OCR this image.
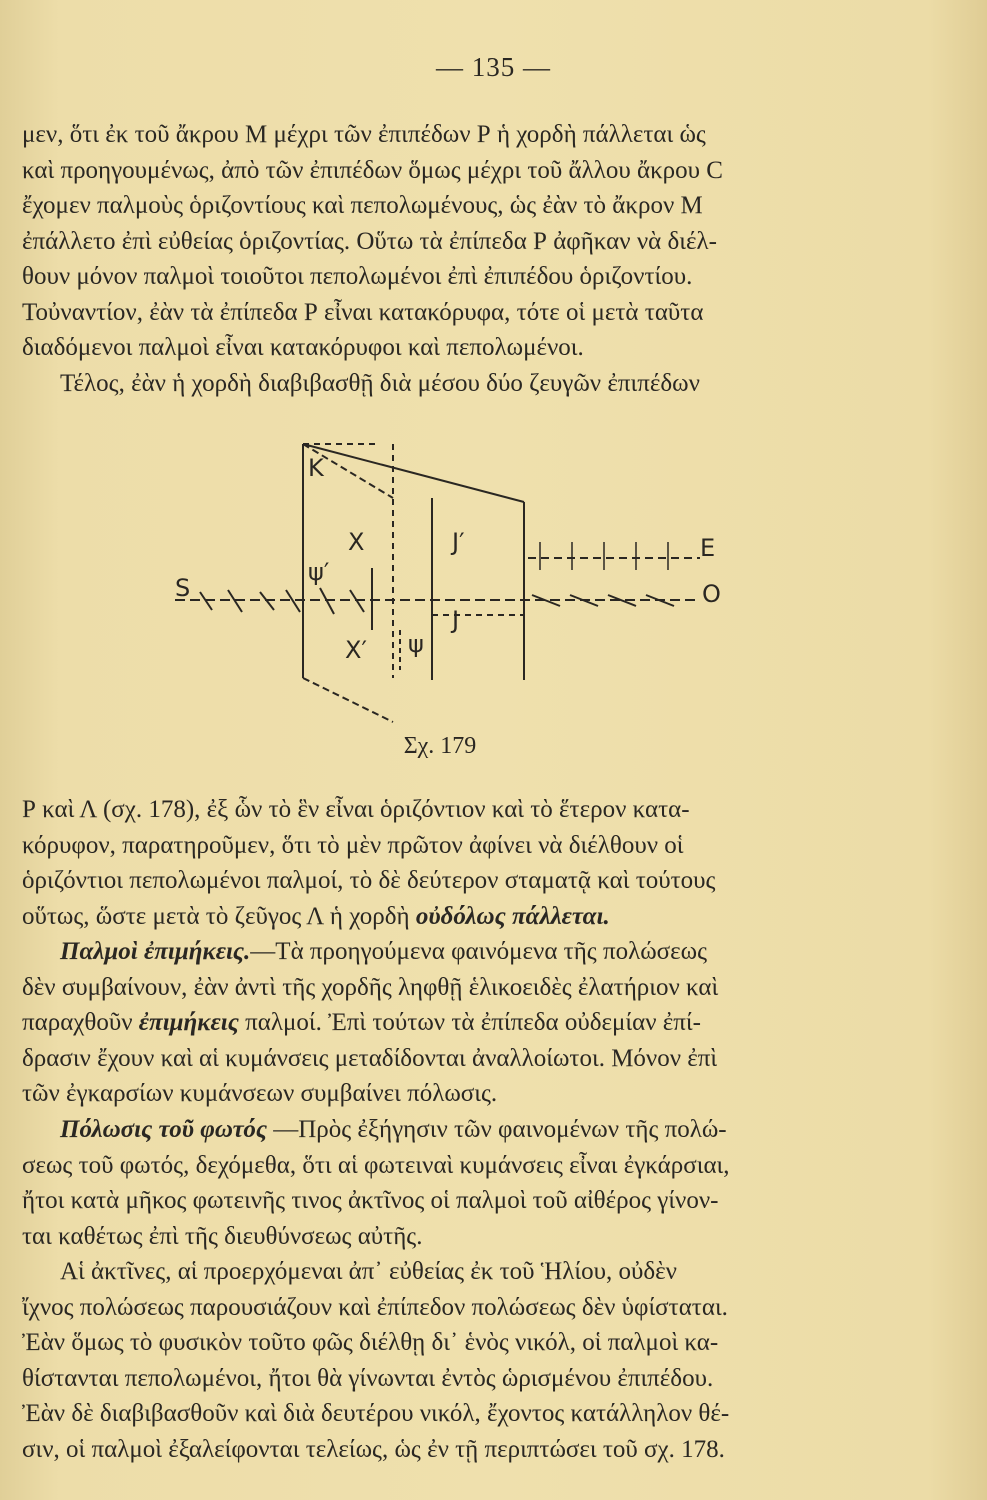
— 135 —
μεν, ὅτι ἐκ τοῦ ἄκρου Μ μέχρι τῶν ἐπιπέδων Ρ ἡ χορδὴ πάλλεται ὡς
καὶ προηγουμένως, ἀπὸ τῶν ἐπιπέδων ὅμως μέχρι τοῦ ἄλλου ἄκρου C
ἔχομεν παλμοὺς ὁριζοντίους καὶ πεπολωμένους, ὡς ἐὰν τὸ ἄκρον Μ
ἐπάλλετο ἐπὶ εὐθείας ὁριζοντίας. Οὕτω τὰ ἐπίπεδα Ρ ἀφῆκαν νὰ διέλ-
θουν μόνον παλμοὶ τοιοῦτοι πεπολωμένοι ἐπὶ ἐπιπέδου ὁριζοντίου.
Τοὐναντίον, ἐὰν τὰ ἐπίπεδα Ρ εἶναι κατακόρυφα, τότε οἱ μετὰ ταῦτα
διαδόμενοι παλμοὶ εἶναι κατακόρυφοι καὶ πεπολωμένοι.
Τέλος, ἐὰν ἡ χορδὴ διαβιβασθῇ διὰ μέσου δύο ζευγῶν ἐπιπέδων
K
X	J′	E
ψ′
S	O
J
X′ ψ
Σχ. 179
Ρ καὶ Λ (σχ. 178), ἐξ ὧν τὸ ἓν εἶναι ὁριζόντιον καὶ τὸ ἕτερον κατα-
κόρυφον, παρατηροῦμεν, ὅτι τὸ μὲν πρῶτον ἀφίνει νὰ διέλθουν οἱ
ὁριζόντιοι πεπολωμένοι παλμοί, τὸ δὲ δεύτερον σταματᾷ καὶ τούτους
οὕτως, ὥστε μετὰ τὸ ζεῦγος Λ ἡ χορδὴ οὐδόλως πάλλεται.
Παλμοὶ ἐπιμήκεις.—Τὰ προηγούμενα φαινόμενα τῆς πολώσεως
δὲν συμβαίνουν, ἐὰν ἀντὶ τῆς χορδῆς ληφθῇ ἑλικοειδὲς ἐλατήριον καὶ
παραχθοῦν ἐπιμήκεις παλμοί. Ἐπὶ τούτων τὰ ἐπίπεδα οὐδεμίαν ἐπί-
δρασιν ἔχουν καὶ αἱ κυμάνσεις μεταδίδονται ἀναλλοίωτοι. Μόνον ἐπὶ
τῶν ἐγκαρσίων κυμάνσεων συμβαίνει πόλωσις.
Πόλωσις τοῦ φωτός —Πρὸς ἐξήγησιν τῶν φαινομένων τῆς πολώ-
σεως τοῦ φωτός, δεχόμεθα, ὅτι αἱ φωτειναὶ κυμάνσεις εἶναι ἐγκάρσιαι,
ἤτοι κατὰ μῆκος φωτεινῆς τινος ἀκτῖνος οἱ παλμοὶ τοῦ αἰθέρος γίνον-
ται καθέτως ἐπὶ τῆς διευθύνσεως αὐτῆς.
Αἱ ἀκτῖνες, αἱ προερχόμεναι ἀπ᾽ εὐθείας ἐκ τοῦ Ἡλίου, οὐδὲν
ἴχνος πολώσεως παρουσιάζουν καὶ ἐπίπεδον πολώσεως δὲν ὑφίσταται.
Ἐὰν ὅμως τὸ φυσικὸν τοῦτο φῶς διέλθῃ δι᾽ ἑνὸς νικόλ, οἱ παλμοὶ κα-
θίστανται πεπολωμένοι, ἤτοι θὰ γίνωνται ἐντὸς ὡρισμένου ἐπιπέδου.
Ἐὰν δὲ διαβιβασθοῦν καὶ διὰ δευτέρου νικόλ, ἔχοντος κατάλληλον θέ-
σιν, οἱ παλμοὶ ἐξαλείφονται τελείως, ὡς ἐν τῇ περιπτώσει τοῦ σχ. 178.
